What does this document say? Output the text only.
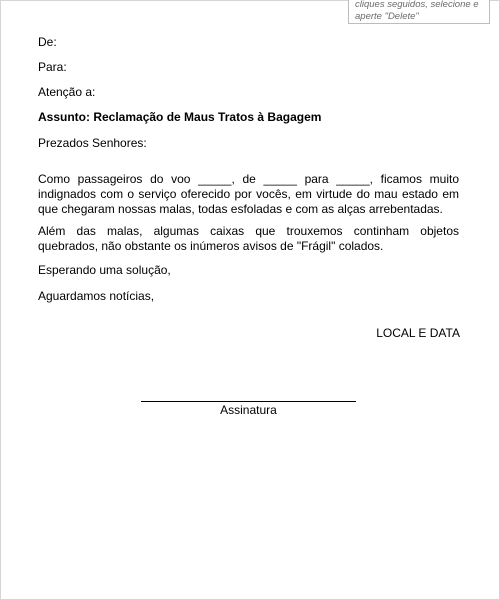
cliques seguidos, selecione e
aperte "Delete"

De:

Para:

Atenção a:

Assunto: Reclamação de Maus Tratos à Bagagem

Prezados Senhores:

Como passageiros do voo _____, de _____ para _____, ficamos muito indignados com o serviço oferecido por vocês, em virtude do mau estado em que chegaram nossas malas, todas esfoladas e com as alças arrebentadas.

Além das malas, algumas caixas que trouxemos continham objetos quebrados, não obstante os inúmeros avisos de "Frágil" colados.

Esperando uma solução,

Aguardamos notícias,

LOCAL E DATA

Assinatura
